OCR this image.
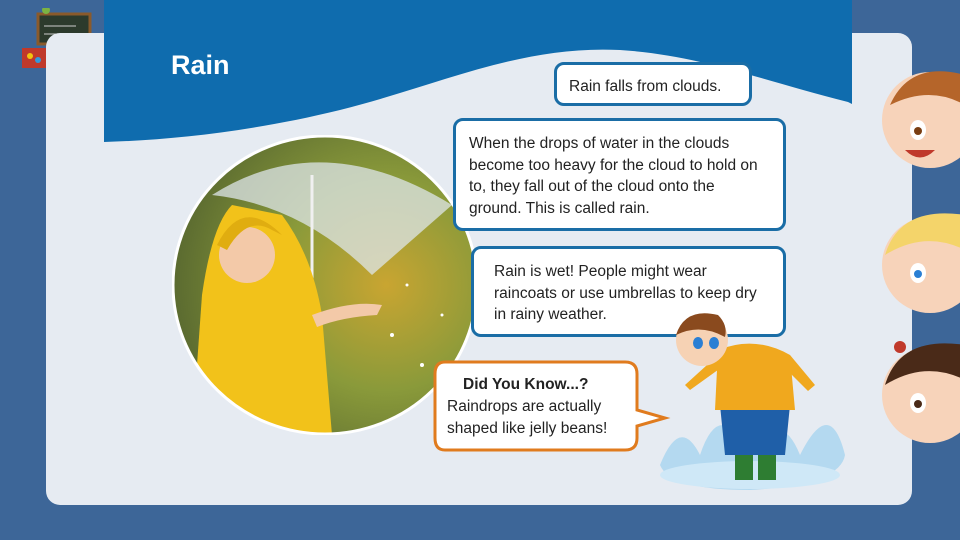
Rain
Rain falls from clouds.
When the drops of water in the clouds become too heavy for the cloud to hold on to, they fall out of the cloud onto the ground. This is called rain.
Rain is wet! People might wear raincoats or use umbrellas to keep dry in rainy weather.
Did You Know...?
Raindrops are actually shaped like jelly beans!
